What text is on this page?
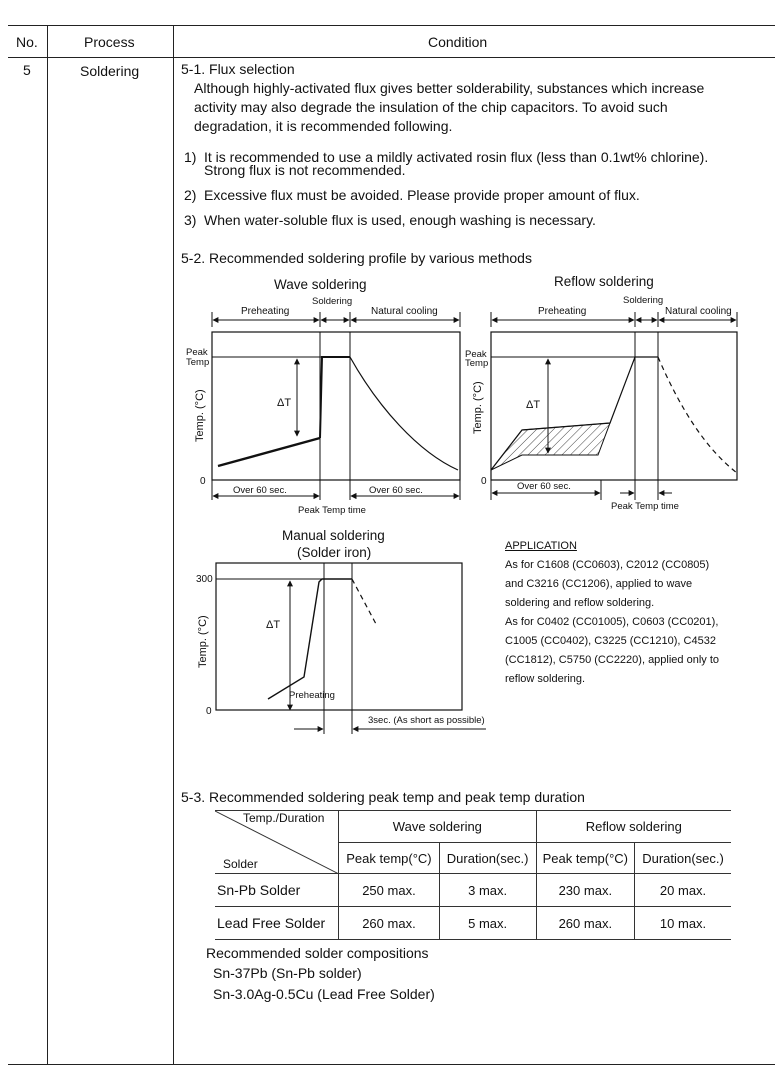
No.	Process	Condition
5	Soldering	5-1. Flux selection
Although highly-activated flux gives better solderability, substances which increase
activity may also degrade the insulation of the chip capacitors. To avoid such
degradation, it is recommended following.
1) It is recommended to use a mildly activated rosin flux (less than 0.1wt% chlorine).
Strong flux is not recommended.
2) Excessive flux must be avoided. Please provide proper amount of flux.
3) When water-soluble flux is used, enough washing is necessary.
5-2. Recommended soldering profile by various methods
Wave soldering
Soldering
Preheating	Natural cooling
Peak
Temp
0
Temp. (°C)	ΔT
Over 60 sec.	Over 60 sec.
Peak Temp time
Reflow soldering
Soldering
Preheating	Natural cooling
Peak
Temp
0
Temp. (°C)	ΔT
Over 60 sec.
Peak Temp time
Manual soldering
(Solder iron)
300
0
Temp. (°C)	ΔT
Preheating
3sec. (As short as possible)
APPLICATION
As for C1608 (CC0603), C2012 (CC0805)
and C3216 (CC1206), applied to wave
soldering and reflow soldering.
As for C0402 (CC01005), C0603 (CC0201),
C1005 (CC0402), C3225 (CC1210), C4532
(CC1812), C5750 (CC2220), applied only to
reflow soldering.
5-3. Recommended soldering peak temp and peak temp duration
Temp./Duration
Solder	Wave soldering		Reflow soldering	
	Peak temp(°C)	Duration(sec.)	Peak temp(°C)	Duration(sec.)
Sn-Pb Solder	250 max.	3 max.	230 max.	20 max.
Lead Free Solder	260 max.	5 max.	260 max.	10 max.
Recommended solder compositions
Sn-37Pb (Sn-Pb solder)
Sn-3.0Ag-0.5Cu (Lead Free Solder)
